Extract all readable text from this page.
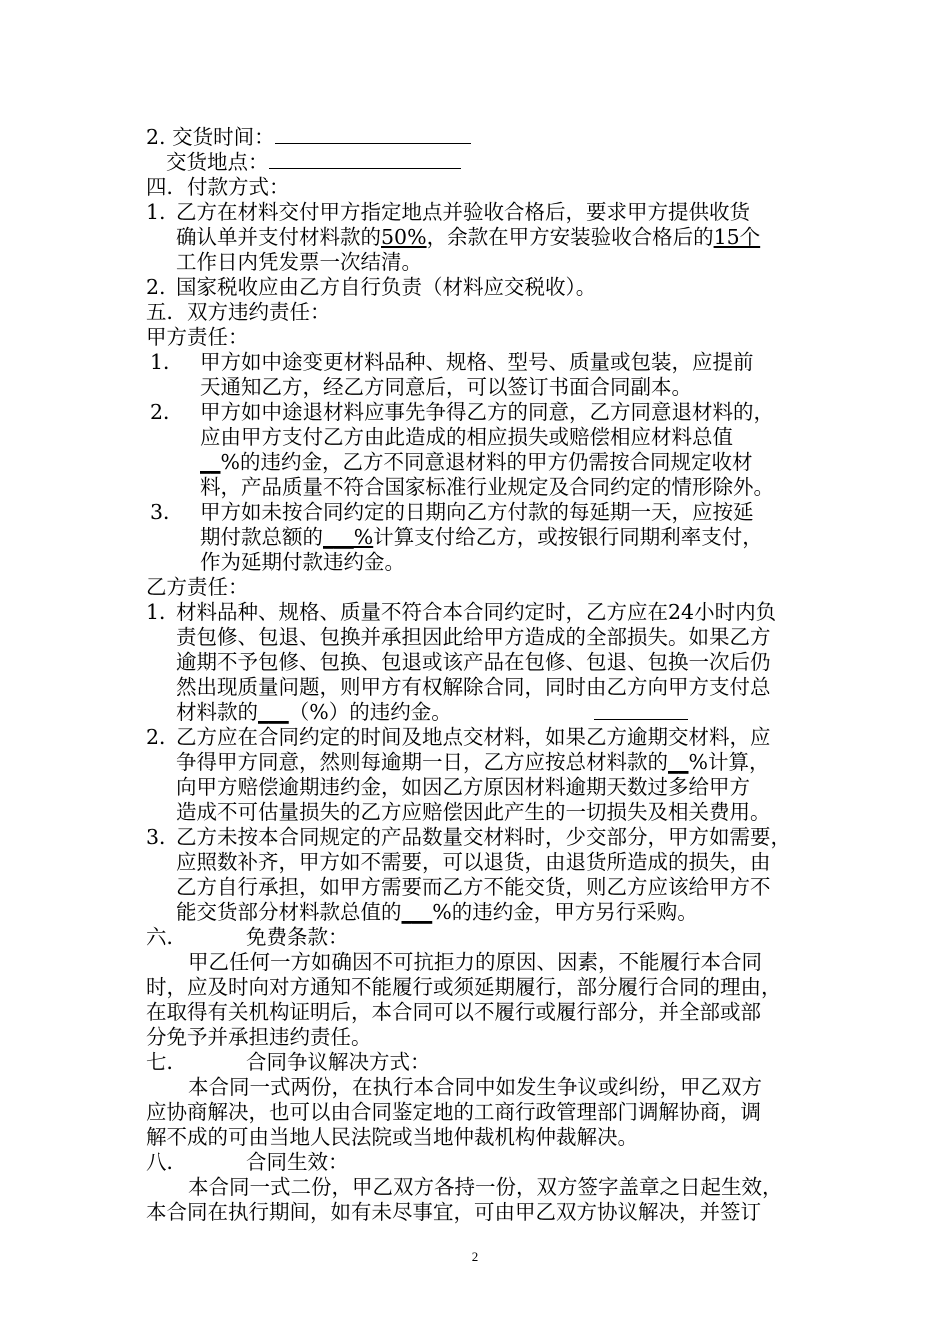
2. 交货时间：
交货地点：
四．付款方式：
1. 乙方在材料交付甲方指定地点并验收合格后，要求甲方提供收货
确认单并支付材料款的50%，余款在甲方安装验收合格后的15个
工作日内凭发票一次结清。
2. 国家税收应由乙方自行负责（材料应交税收）。
五．双方违约责任：
甲方责任：
1． 甲方如中途变更材料品种、规格、型号、质量或包装，应提前
天通知乙方，经乙方同意后，可以签订书面合同副本。
2． 甲方如中途退材料应事先争得乙方的同意，乙方同意退材料的，
应由甲方支付乙方由此造成的相应损失或赔偿相应材料总值
__%的违约金，乙方不同意退材料的甲方仍需按合同规定收材
料，产品质量不符合国家标准行业规定及合同约定的情形除外。
3． 甲方如未按合同约定的日期向乙方付款的每延期一天，应按延
期付款总额的___%计算支付给乙方，或按银行同期利率支付，
作为延期付款违约金。
乙方责任：
1．
材料品种、规格、质量不符合本合同约定时，乙方应在24小时内负
责包修、包退、包换并承担因此给甲方造成的全部损失。如果乙方
逾期不予包修、包换、包退或该产品在包修、包退、包换一次后仍
然出现质量问题，则甲方有权解除合同，同时由乙方向甲方支付总
材料款的___（%）的违约金。
2．
乙方应在合同约定的时间及地点交材料，如果乙方逾期交材料，应
争得甲方同意，然则每逾期一日，乙方应按总材料款的__%计算，
向甲方赔偿逾期违约金，如因乙方原因材料逾期天数过多给甲方
造成不可估量损失的乙方应赔偿因此产生的一切损失及相关费用。
3．
乙方未按本合同规定的产品数量交材料时，少交部分，甲方如需要，
应照数补齐，甲方如不需要，可以退货，由退货所造成的损失，由
乙方自行承担，如甲方需要而乙方不能交货，则乙方应该给甲方不
能交货部分材料款总值的___%的违约金，甲方另行采购。
六．	免费条款：
甲乙任何一方如确因不可抗拒力的原因、因素，不能履行本合同
时，应及时向对方通知不能履行或须延期履行，部分履行合同的理由，
在取得有关机构证明后，本合同可以不履行或履行部分，并全部或部
分免予并承担违约责任。
七．	合同争议解决方式：
本合同一式两份，在执行本合同中如发生争议或纠纷，甲乙双方
应协商解决，也可以由合同鉴定地的工商行政管理部门调解协商，调
解不成的可由当地人民法院或当地仲裁机构仲裁解决。
八．	合同生效：
本合同一式二份，甲乙双方各持一份，双方签字盖章之日起生效，
本合同在执行期间，如有未尽事宜，可由甲乙双方协议解决，并签订
2
